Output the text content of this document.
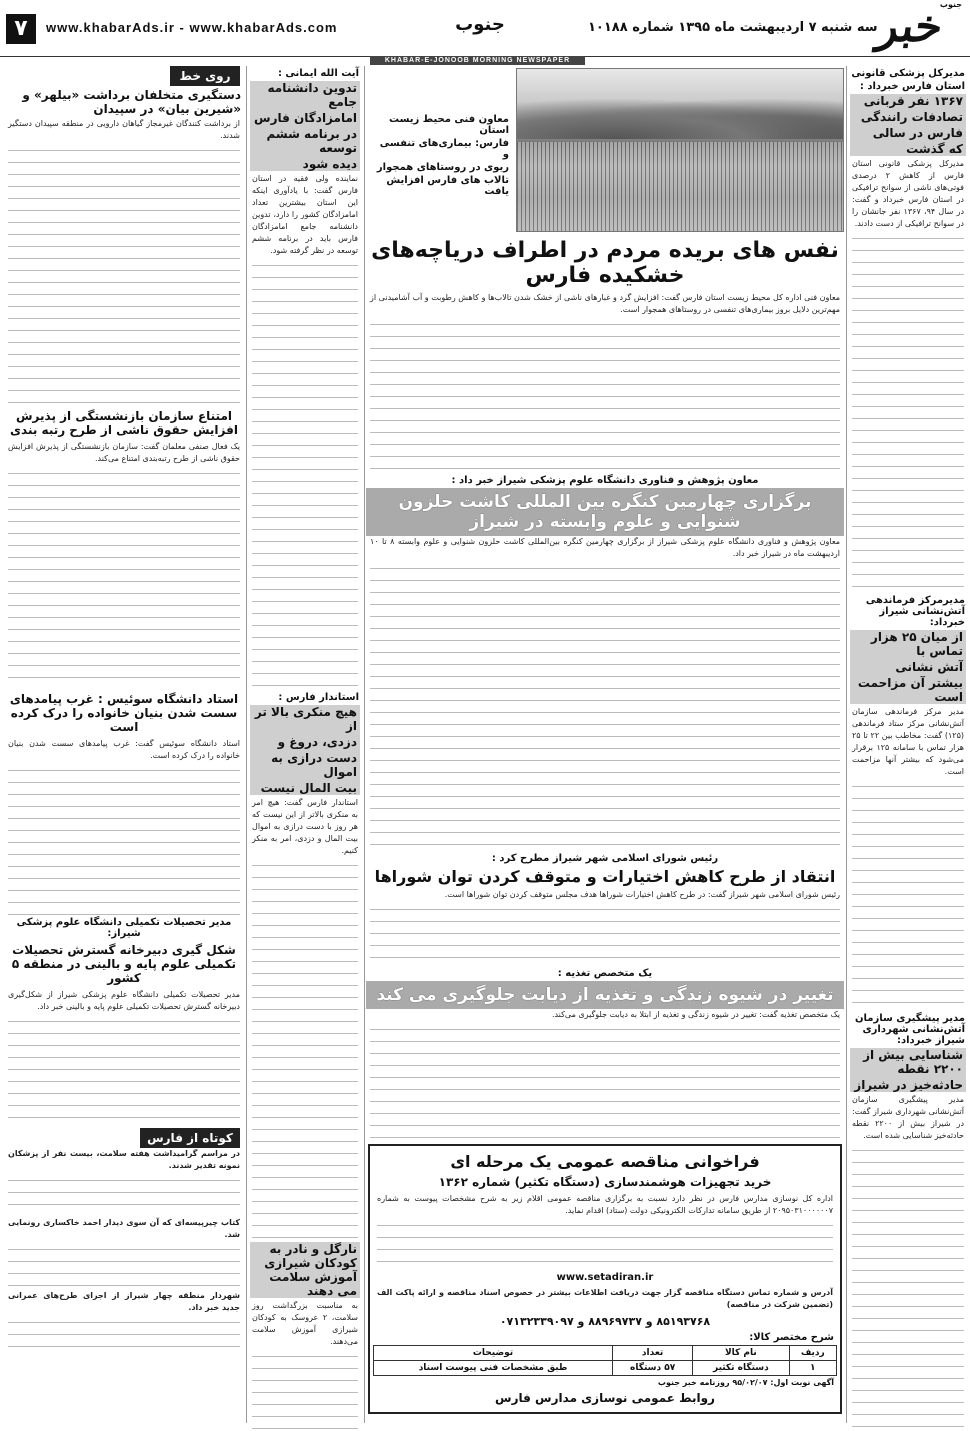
۷	www.khabarAds.ir - www.khabarAds.com	جنوب	سه شنبه ۷ اردیبهشت ماه ۱۳۹۵ شماره ۱۰۱۸۸
خبر
جنوب
KHABAR-E-JONOOB MORNING NEWSPAPER
مدیرکل پزشکی قانونی
استان فارس خبرداد :
۱۳۶۷ نفر قربانی
تصادفات رانندگی
فارس در سالی
که گذشت
مدیرکل پزشکی قانونی استان فارس از کاهش ۲ درصدی فوتی‌های ناشی از سوانح ترافیکی در استان فارس خبرداد و گفت: در سال ۹۴، ۱۳۶۷ نفر جانشان را در سوانح ترافیکی از دست دادند.
مدیرمرکز فرماندهی آتش‌نشانی شیراز خبرداد:
از میان ۲۵ هزار تماس با
آتش نشانی
بیشتر آن مزاحمت است
مدیر مرکز فرماندهی سازمان آتش‌نشانی مرکز ستاد فرماندهی (۱۲۵) گفت: مخاطب بین ۲۲ تا ۲۵ هزار تماس با سامانه ۱۲۵ برقرار می‌شود که بیشتر آنها مزاحمت است.
مدیر پیشگیری سازمان آتش‌نشانی شهرداری شیراز خبرداد:
شناسایی بیش از ۲۲۰۰ نقطه
حادثه‌خیز در شیراز
مدیر پیشگیری سازمان آتش‌نشانی شهرداری شیراز گفت: در شیراز بیش از ۲۲۰۰ نقطه حادثه‌خیز شناسایی شده است.
معاون فنی محیط زیست استان
فارس: بیماری‌های تنفسی و
ریوی در روستاهای همجوار
تالاب های فارس افزایش یافت
نفس های بریده مردم در اطراف دریاچه‌های خشکیده فارس
معاون فنی اداره کل محیط زیست استان فارس گفت: افزایش گرد و غبارهای ناشی از خشک شدن تالاب‌ها و کاهش رطوبت و آب آشامیدنی از مهم‌ترین دلایل بروز بیماری‌های تنفسی در روستاهای همجوار است.
معاون پژوهش و فناوری دانشگاه علوم پزشکی شیراز خبر داد :
برگزاری چهارمین کنگره بین المللی کاشت حلزون شنوایی و علوم وابسته در شیراز
معاون پژوهش و فناوری دانشگاه علوم پزشکی شیراز از برگزاری چهارمین کنگره بین‌المللی کاشت حلزون شنوایی و علوم وابسته ۸ تا ۱۰ اردیبهشت ماه در شیراز خبر داد.
رئیس شورای اسلامی شهر شیراز مطرح کرد :
انتقاد از طرح کاهش اختیارات و متوقف کردن توان شوراها
رئیس شورای اسلامی شهر شیراز گفت: در طرح کاهش اختیارات شوراها هدف مجلس متوقف کردن توان شوراها است.
یک متخصص تغذیه :
تغییر در شیوه زندگی و تغذیه از دیابت جلوگیری می کند
یک متخصص تغذیه گفت: تغییر در شیوه زندگی و تغذیه از ابتلا به دیابت جلوگیری می‌کند.
فراخوانی مناقصه عمومی یک مرحله ای
خرید تجهیزات هوشمندسازی (دستگاه تکثیر) شماره ۱۳۶۲
اداره کل نوسازی مدارس فارس در نظر دارد نسبت به برگزاری مناقصه عمومی اقلام زیر به شرح مشخصات پیوست به شماره ۲۰۹۵۰۳۱۰۰۰۰۰۰۷ از طریق سامانه تدارکات الکترونیکی دولت (ستاد) اقدام نماید.
www.setadiran.ir
آدرس و شماره تماس دستگاه مناقصه گزار جهت دریافت اطلاعات بیشتر در خصوص اسناد مناقصه و ارائه پاکت الف (تضمین شرکت در مناقصه)
۸۵۱۹۳۷۶۸ و ۸۸۹۶۹۷۳۷ و ۰۷۱۳۲۳۳۹۰۹۷
شرح مختصر کالا:
ردیف	نام کالا	تعداد	توضیحات
۱	دستگاه تکثیر	۵۷ دستگاه	طبق مشخصات فنی پیوست اسناد
آگهی نوبت اول: ۹۵/۰۲/۰۷ روزنامه خبر جنوب
روابط عمومی نوسازی مدارس فارس
آیت الله ایمانی :
تدوین دانشنامه جامع
امامزادگان فارس
در برنامه ششم توسعه
دیده شود
نماینده ولی فقیه در استان فارس گفت: با یادآوری اینکه این استان بیشترین تعداد امامزادگان کشور را دارد، تدوین دانشنامه جامع امامزادگان فارس باید در برنامه ششم توسعه در نظر گرفته شود.
استاندار فارس :
هیچ منکری بالا تر از
دزدی، دروغ و
دست درازی به اموال
بیت المال نیست
استاندار فارس گفت: هیچ امر به منکری بالاتر از این نیست که هر روز با دست درازی به اموال بیت المال و دزدی، امر به منکر کنیم.
نارگل و نادر به کودکان شیرازی آموزش سلامت می دهند
به مناسبت بزرگداشت روز سلامت، ۲ عروسک به کودکان شیرازی آموزش سلامت می‌دهند.
روی خط
دستگیری متخلفان برداشت «بیلهر» و «شیرین بیان» در سپیدان
از برداشت کنندگان غیرمجاز گیاهان دارویی در منطقه سپیدان دستگیر شدند.
امتناع سازمان بازنشستگی از پذیرش افزایش حقوق ناشی از طرح رتبه بندی
یک فعال صنفی معلمان گفت: سازمان بازنشستگی از پذیرش افزایش حقوق ناشی از طرح رتبه‌بندی امتناع می‌کند.
استاد دانشگاه سوئیس : غرب پیامدهای سست شدن بنیان خانواده را درک کرده است
استاد دانشگاه سوئیس گفت: غرب پیامدهای سست شدن بنیان خانواده را درک کرده است.
مدیر تحصیلات تکمیلی دانشگاه علوم پزشکی شیراز:
شکل گیری دبیرخانه گسترش تحصیلات تکمیلی علوم پایه و بالینی در منطقه ۵ کشور
مدیر تحصیلات تکمیلی دانشگاه علوم پزشکی شیراز از شکل‌گیری دبیرخانه گسترش تحصیلات تکمیلی علوم پایه و بالینی خبر داد.
کوتاه از فارس
در مراسم گرامیداشت هفته سلامت، بیست نفر از پزشکان نمونه تقدیر شدند.
کتاب چیرپیسه‌ای که آن سوی دیدار احمد خاکساری رونمایی شد.
شهردار منطقه چهار شیراز از اجرای طرح‌های عمرانی جدید خبر داد.
